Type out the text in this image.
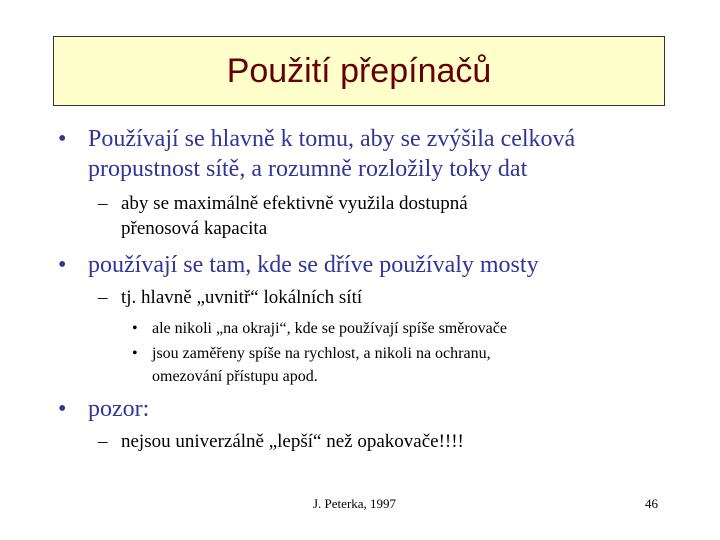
Použití přepínačů
• Používají se hlavně k tomu, aby se zvýšila celková
propustnost sítě, a rozumně rozložily toky dat
– aby se maximálně efektivně využila dostupná
přenosová kapacita
• používají se tam, kde se dříve používaly mosty
– tj. hlavně „uvnitř“ lokálních sítí
• ale nikoli „na okraji“, kde se používají spíše směrovače
• jsou zaměřeny spíše na rychlost, a nikoli na ochranu,
omezování přístupu apod.
• pozor:
– nejsou univerzálně „lepší“ než opakovače!!!!
J. Peterka, 1997	46
